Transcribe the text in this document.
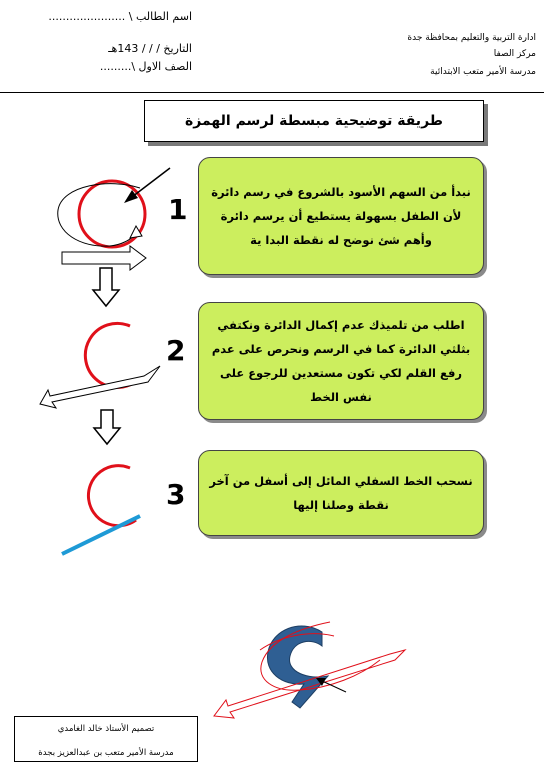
اسم الطالب \ ......................
التاريخ / / / 143هـ
الصف الاول \.........
ادارة التربية والتعليم بمحافظة جدة
مركز الصفا
مدرسة الأمير متعب الابتدائية
طريقة توضيحية مبسطة لرسم الهمزة
نبدأ من السهم الأسود بالشروع في رسم دائرة لأن الطفل بسهولة يستطيع أن يرسم دائرة وأهم شئ نوضح له نقطة البدا ية
1
اطلب من تلميذك عدم إكمال الدائرة ونكتفي بثلثي الدائرة كما في الرسم ونحرص على عدم رفع القلم لكي تكون مستعدين للرجوع على نفس الخط
2
نسحب الخط السفلي المائل إلى أسفل من آخر نقطة وصلنا إليها
3
تصميم الأستاذ خالد الغامدي
مدرسة الأمير متعب بن عبدالعزيز بجدة
